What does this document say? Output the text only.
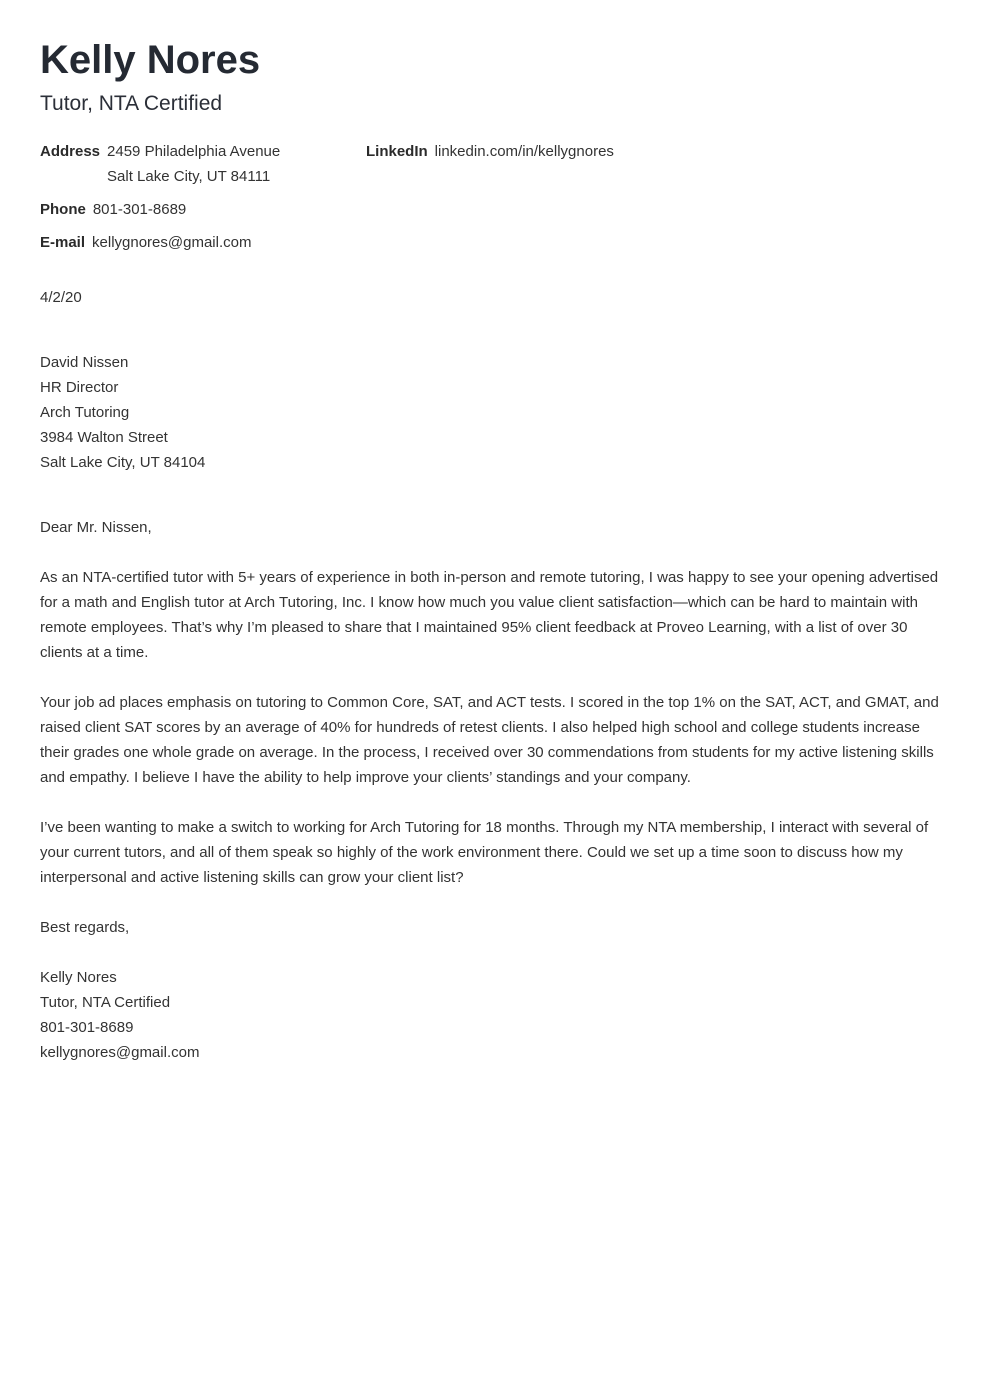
Kelly Nores
Tutor, NTA Certified
Address 2459 Philadelphia Avenue
Salt Lake City, UT 84111
LinkedIn linkedin.com/in/kellygnores
Phone 801-301-8689
E-mail kellygnores@gmail.com
4/2/20
David Nissen
HR Director
Arch Tutoring
3984 Walton Street
Salt Lake City, UT 84104
Dear Mr. Nissen,

As an NTA-certified tutor with 5+ years of experience in both in-person and remote tutoring, I was happy to see your opening advertised for a math and English tutor at Arch Tutoring, Inc. I know how much you value client satisfaction—which can be hard to maintain with remote employees. That’s why I’m pleased to share that I maintained 95% client feedback at Proveo Learning, with a list of over 30 clients at a time.

Your job ad places emphasis on tutoring to Common Core, SAT, and ACT tests. I scored in the top 1% on the SAT, ACT, and GMAT, and raised client SAT scores by an average of 40% for hundreds of retest clients. I also helped high school and college students increase their grades one whole grade on average. In the process, I received over 30 commendations from students for my active listening skills and empathy. I believe I have the ability to help improve your clients’ standings and your company.

I’ve been wanting to make a switch to working for Arch Tutoring for 18 months. Through my NTA membership, I interact with several of your current tutors, and all of them speak so highly of the work environment there. Could we set up a time soon to discuss how my interpersonal and active listening skills can grow your client list?

Best regards,
Kelly Nores
Tutor, NTA Certified
801-301-8689
kellygnores@gmail.com
